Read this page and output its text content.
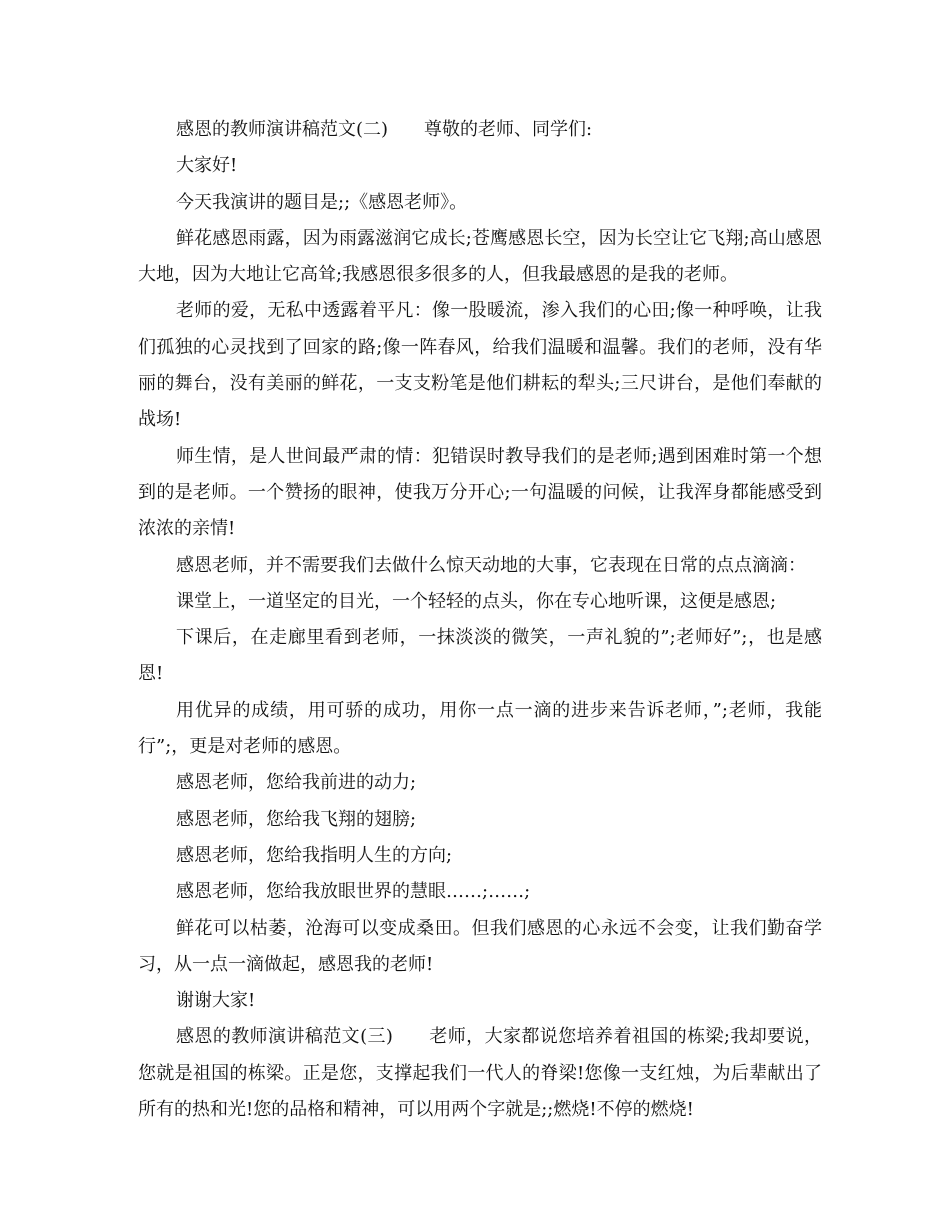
感恩的教师演讲稿范文(二) 尊敬的老师、同学们:

大家好!

今天我演讲的题目是;;《感恩老师》。

鲜花感恩雨露，因为雨露滋润它成长;苍鹰感恩长空，因为长空让它飞翔;高山感恩大地，因为大地让它高耸;我感恩很多很多的人，但我最感恩的是我的老师。

老师的爱，无私中透露着平凡：像一股暖流，渗入我们的心田;像一种呼唤，让我们孤独的心灵找到了回家的路;像一阵春风，给我们温暖和温馨。我们的老师，没有华丽的舞台，没有美丽的鲜花，一支支粉笔是他们耕耘的犁头;三尺讲台，是他们奉献的战场!

师生情，是人世间最严肃的情：犯错误时教导我们的是老师;遇到困难时第一个想到的是老师。一个赞扬的眼神，使我万分开心;一句温暖的问候，让我浑身都能感受到浓浓的亲情!

感恩老师，并不需要我们去做什么惊天动地的大事，它表现在日常的点点滴滴：

课堂上，一道坚定的目光，一个轻轻的点头，你在专心地听课，这便是感恩;

下课后，在走廊里看到老师，一抹淡淡的微笑，一声礼貌的”;老师好”;，也是感恩!

用优异的成绩，用可骄的成功，用你一点一滴的进步来告诉老师，”;老师，我能行”;，更是对老师的感恩。

感恩老师，您给我前进的动力;

感恩老师，您给我飞翔的翅膀;

感恩老师，您给我指明人生的方向;

感恩老师，您给我放眼世界的慧眼……;……;

鲜花可以枯萎，沧海可以变成桑田。但我们感恩的心永远不会变，让我们勤奋学习，从一点一滴做起，感恩我的老师!

谢谢大家!

感恩的教师演讲稿范文(三) 老师，大家都说您培养着祖国的栋梁;我却要说，您就是祖国的栋梁。正是您，支撑起我们一代人的脊梁!您像一支红烛，为后辈献出了所有的热和光!您的品格和精神，可以用两个字就是;;燃烧!不停的燃烧!
